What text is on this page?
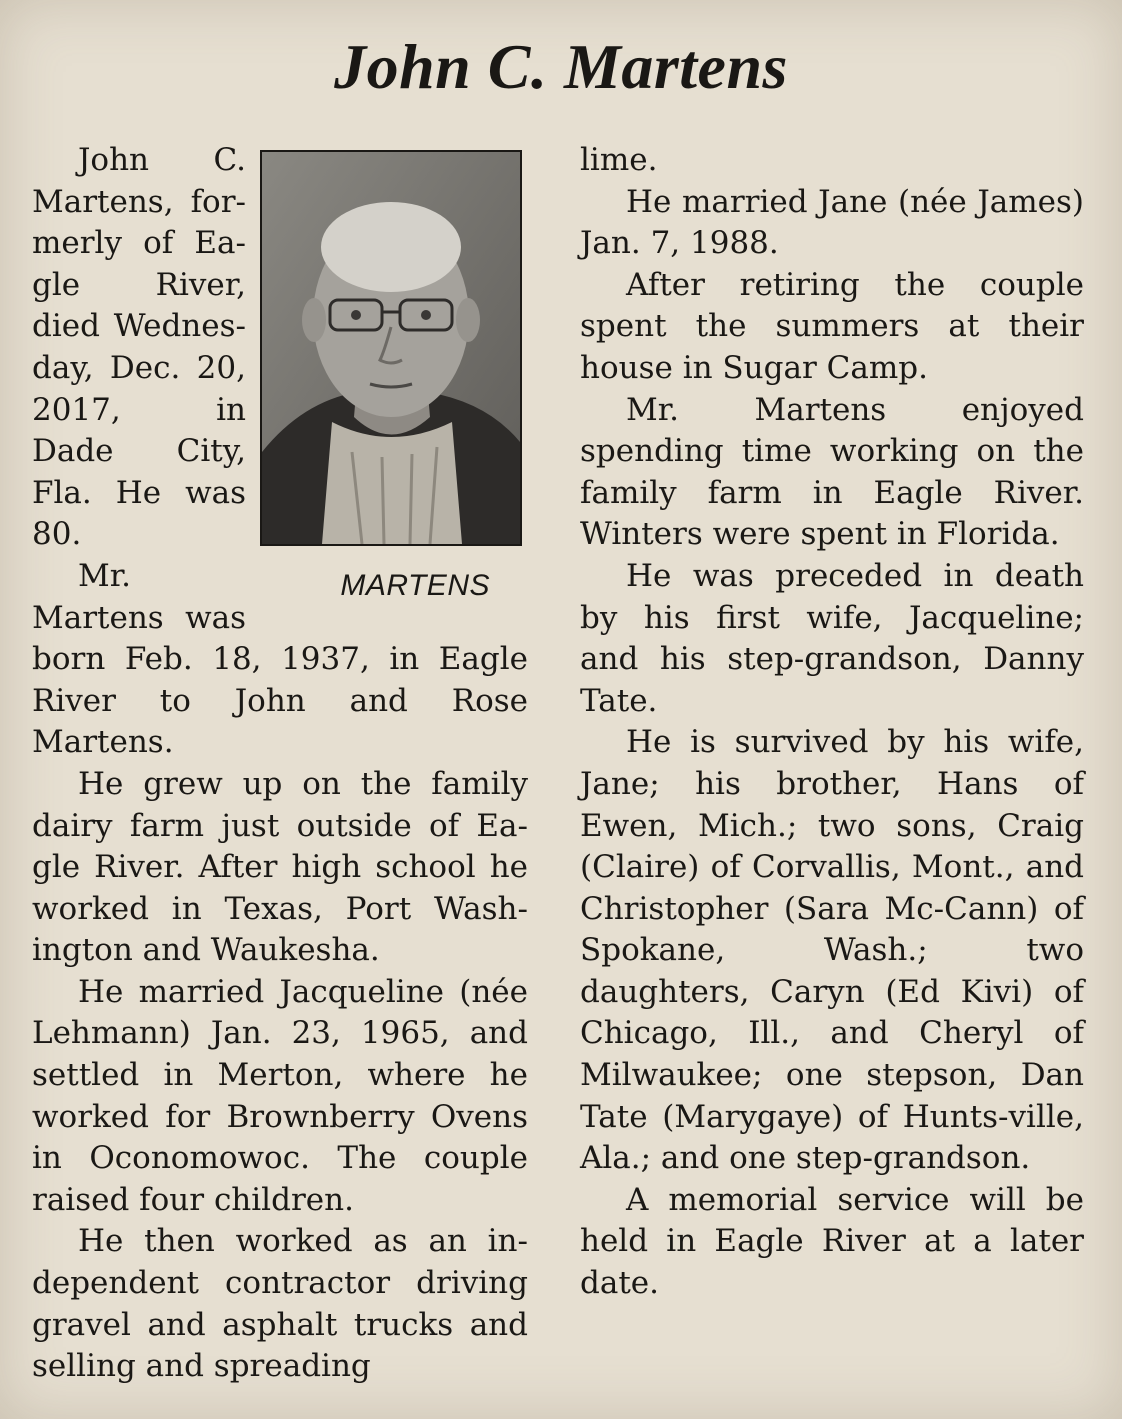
John C. Martens
MARTENS

John C. Martens, for-merly of Ea-gle River, died Wednes-day, Dec. 20, 2017, in Dade City, Fla. He was 80.

Mr. Martens was born Feb. 18, 1937, in Eagle River to John and Rose Martens.

He grew up on the family dairy farm just outside of Ea-gle River. After high school he worked in Texas, Port Wash-ington and Waukesha.

He married Jacqueline (née Lehmann) Jan. 23, 1965, and settled in Merton, where he worked for Brownberry Ovens in Oconomowoc. The couple raised four children.

He then worked as an in-dependent contractor driving gravel and asphalt trucks and selling and spreading

lime.

He married Jane (née James) Jan. 7, 1988.

After retiring the couple spent the summers at their house in Sugar Camp.

Mr. Martens enjoyed spending time working on the family farm in Eagle River. Winters were spent in Florida.

He was preceded in death by his first wife, Jacqueline; and his step-grandson, Danny Tate.

He is survived by his wife, Jane; his brother, Hans of Ewen, Mich.; two sons, Craig (Claire) of Corvallis, Mont., and Christopher (Sara Mc-Cann) of Spokane, Wash.; two daughters, Caryn (Ed Kivi) of Chicago, Ill., and Cheryl of Milwaukee; one stepson, Dan Tate (Marygaye) of Hunts-ville, Ala.; and one step-grandson.

A memorial service will be held in Eagle River at a later date.
